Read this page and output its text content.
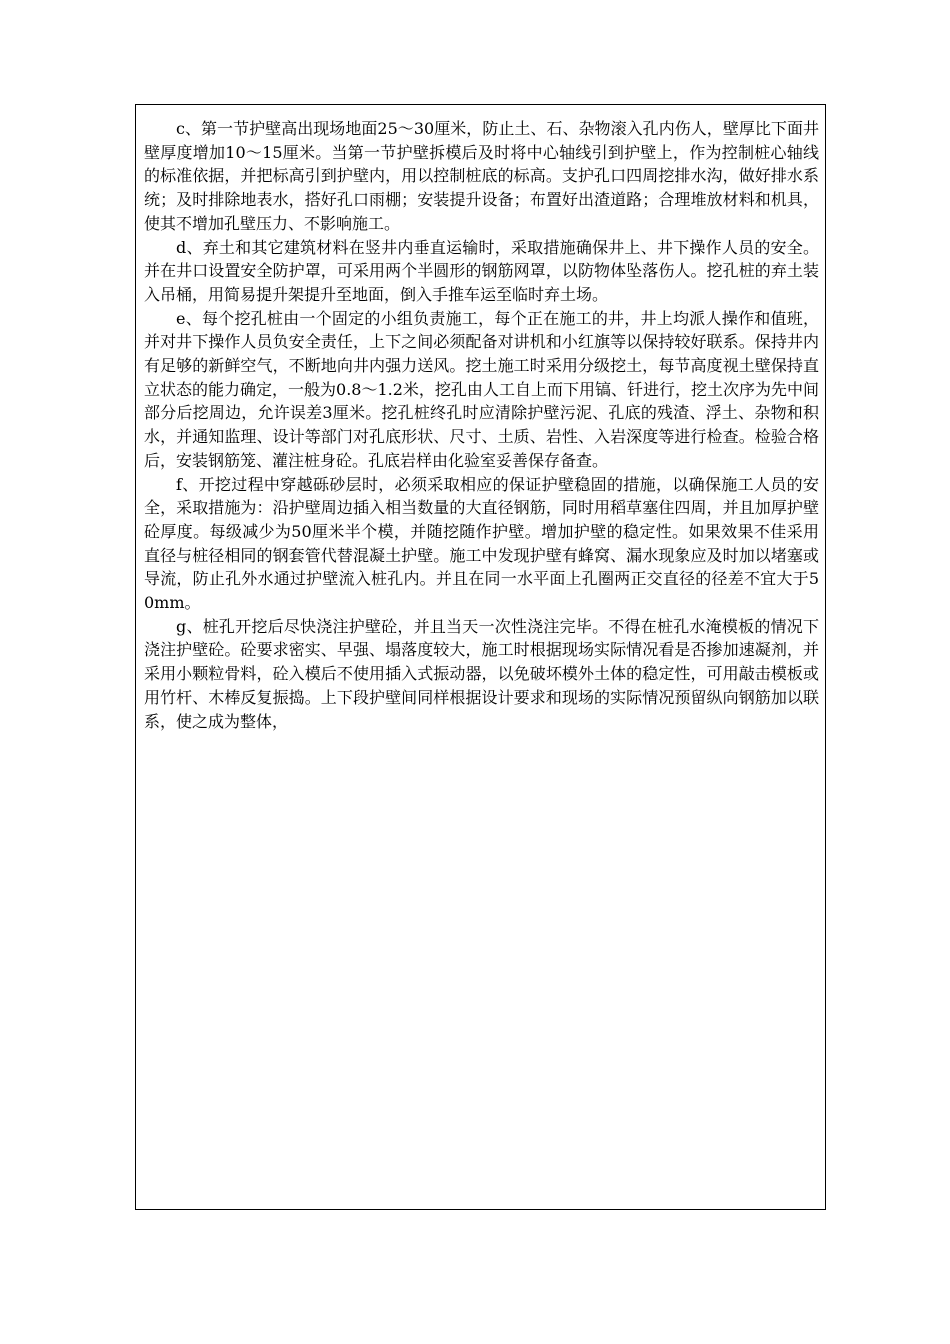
c、第一节护壁高出现场地面25～30厘米，防止土、石、杂物滚入孔内伤人，壁厚比下面井壁厚度增加10～15厘米。当第一节护壁拆模后及时将中心轴线引到护壁上，作为控制桩心轴线的标准依据，并把标高引到护壁内，用以控制桩底的标高。支护孔口四周挖排水沟，做好排水系统；及时排除地表水，搭好孔口雨棚；安装提升设备；布置好出渣道路；合理堆放材料和机具，使其不增加孔壁压力、不影响施工。

d、弃土和其它建筑材料在竖井内垂直运输时，采取措施确保井上、井下操作人员的安全。并在井口设置安全防护罩，可采用两个半圆形的钢筋网罩，以防物体坠落伤人。挖孔桩的弃土装入吊桶，用简易提升架提升至地面，倒入手推车运至临时弃土场。

e、每个挖孔桩由一个固定的小组负责施工，每个正在施工的井，井上均派人操作和值班，并对井下操作人员负安全责任，上下之间必须配备对讲机和小红旗等以保持较好联系。保持井内有足够的新鲜空气，不断地向井内强力送风。挖土施工时采用分级挖土，每节高度视土壁保持直立状态的能力确定，一般为0.8～1.2米，挖孔由人工自上而下用镐、钎进行，挖土次序为先中间部分后挖周边，允许误差3厘米。挖孔桩终孔时应清除护壁污泥、孔底的残渣、浮土、杂物和积水，并通知监理、设计等部门对孔底形状、尺寸、土质、岩性、入岩深度等进行检查。检验合格后，安装钢筋笼、灌注桩身砼。孔底岩样由化验室妥善保存备查。

f、开挖过程中穿越砾砂层时，必须采取相应的保证护壁稳固的措施，以确保施工人员的安全，采取措施为：沿护壁周边插入相当数量的大直径钢筋，同时用稻草塞住四周，并且加厚护壁砼厚度。每级减少为50厘米半个模，并随挖随作护壁。增加护壁的稳定性。如果效果不佳采用直径与桩径相同的钢套管代替混凝土护壁。施工中发现护壁有蜂窝、漏水现象应及时加以堵塞或导流，防止孔外水通过护壁流入桩孔内。并且在同一水平面上孔圈两正交直径的径差不宜大于50mm。

g、桩孔开挖后尽快浇注护壁砼，并且当天一次性浇注完毕。不得在桩孔水淹模板的情况下浇注护壁砼。砼要求密实、早强、塌落度较大，施工时根据现场实际情况看是否掺加速凝剂，并采用小颗粒骨料，砼入模后不使用插入式振动器，以免破坏模外土体的稳定性，可用敲击模板或用竹杆、木棒反复振捣。上下段护壁间同样根据设计要求和现场的实际情况预留纵向钢筋加以联系，使之成为整体，
